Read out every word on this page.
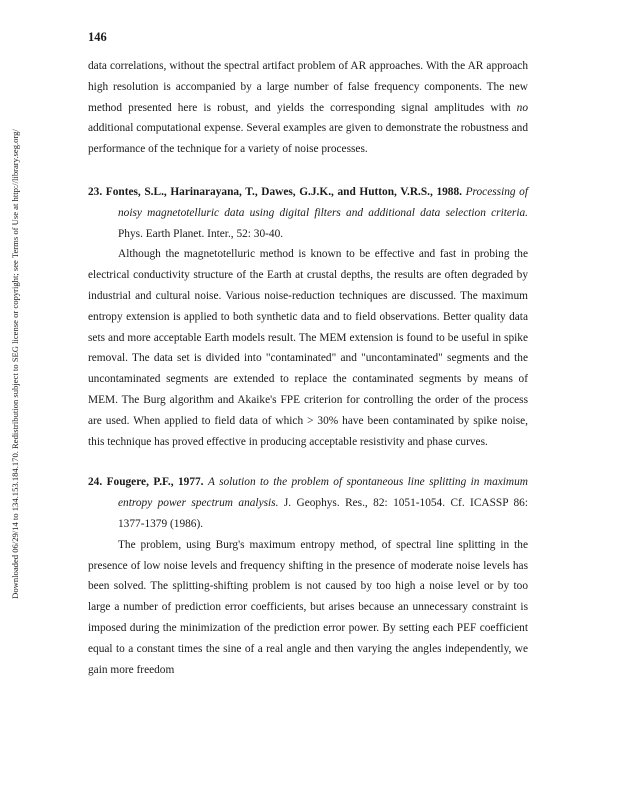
146
Downloaded 06/29/14 to 134.153.184.170. Redistribution subject to SEG license or copyright; see Terms of Use at http://library.seg.org/

data correlations, without the spectral artifact problem of AR approaches. With the AR approach high resolution is accompanied by a large number of false frequency components. The new method presented here is robust, and yields the corresponding signal amplitudes with no additional computational expense. Several examples are given to demonstrate the robustness and performance of the technique for a variety of noise processes.

23. Fontes, S.L., Harinarayana, T., Dawes, G.J.K., and Hutton, V.R.S., 1988. Processing of noisy magnetotelluric data using digital filters and additional data selection criteria. Phys. Earth Planet. Inter., 52: 30-40.

Although the magnetotelluric method is known to be effective and fast in probing the electrical conductivity structure of the Earth at crustal depths, the results are often degraded by industrial and cultural noise. Various noise-reduction techniques are discussed. The maximum entropy extension is applied to both synthetic data and to field observations. Better quality data sets and more acceptable Earth models result. The MEM extension is found to be useful in spike removal. The data set is divided into "contaminated" and "uncontaminated" segments and the uncontaminated segments are extended to replace the contaminated segments by means of MEM. The Burg algorithm and Akaike's FPE criterion for controlling the order of the process are used. When applied to field data of which > 30% have been contaminated by spike noise, this technique has proved effective in producing acceptable resistivity and phase curves.

24. Fougere, P.F., 1977. A solution to the problem of spontaneous line splitting in maximum entropy power spectrum analysis. J. Geophys. Res., 82: 1051-1054. Cf. ICASSP 86: 1377-1379 (1986).

The problem, using Burg's maximum entropy method, of spectral line splitting in the presence of low noise levels and frequency shifting in the presence of moderate noise levels has been solved. The splitting-shifting problem is not caused by too high a noise level or by too large a number of prediction error coefficients, but arises because an unnecessary constraint is imposed during the minimization of the prediction error power. By setting each PEF coefficient equal to a constant times the sine of a real angle and then varying the angles independently, we gain more freedom
